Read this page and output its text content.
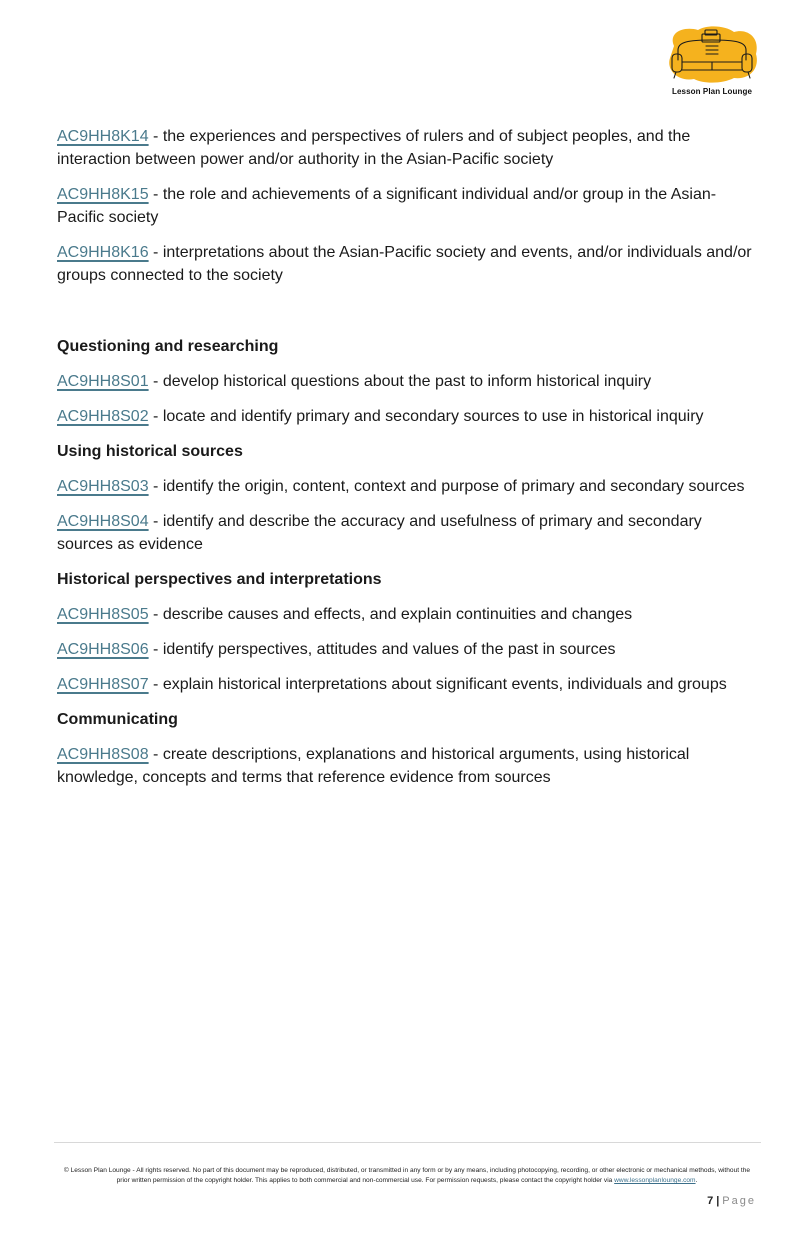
Lesson Plan Lounge

AC9HH8K14 - the experiences and perspectives of rulers and of subject peoples, and the interaction between power and/or authority in the Asian-Pacific society

AC9HH8K15 - the role and achievements of a significant individual and/or group in the Asian-Pacific society

AC9HH8K16 - interpretations about the Asian-Pacific society and events, and/or individuals and/or groups connected to the society

Questioning and researching

AC9HH8S01 - develop historical questions about the past to inform historical inquiry

AC9HH8S02 - locate and identify primary and secondary sources to use in historical inquiry

Using historical sources

AC9HH8S03 - identify the origin, content, context and purpose of primary and secondary sources

AC9HH8S04 - identify and describe the accuracy and usefulness of primary and secondary sources as evidence

Historical perspectives and interpretations

AC9HH8S05 - describe causes and effects, and explain continuities and changes

AC9HH8S06 - identify perspectives, attitudes and values of the past in sources

AC9HH8S07 - explain historical interpretations about significant events, individuals and groups

Communicating

AC9HH8S08 - create descriptions, explanations and historical arguments, using historical knowledge, concepts and terms that reference evidence from sources

© Lesson Plan Lounge - All rights reserved. No part of this document may be reproduced, distributed, or transmitted in any form or by any means, including photocopying, recording, or other electronic or mechanical methods, without the prior written permission of the copyright holder. This applies to both commercial and non-commercial use. For permission requests, please contact the copyright holder via www.lessonplanlounge.com.
7 | Page
